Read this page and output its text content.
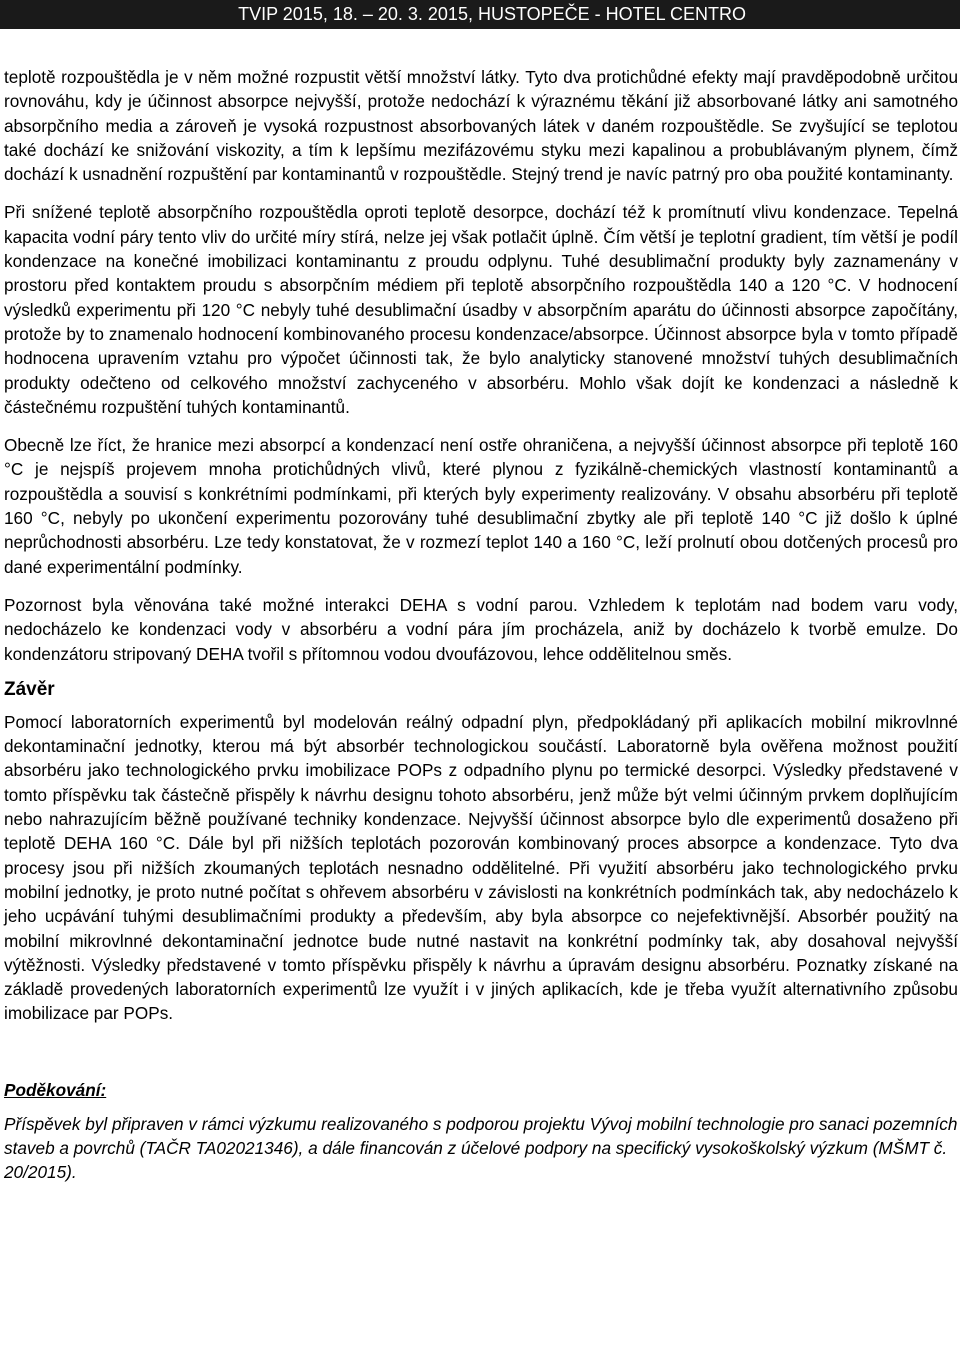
TVIP 2015, 18. – 20. 3. 2015, HUSTOPEČE - HOTEL CENTRO

teplotě rozpouštědla je v něm možné rozpustit větší množství látky. Tyto dva protichůdné efekty mají pravděpodobně určitou rovnováhu, kdy je účinnost absorpce nejvyšší, protože nedochází k výraznému těkání již absorbované látky ani samotného absorpčního media a zároveň je vysoká rozpustnost absorbovaných látek v daném rozpouštědle. Se zvyšující se teplotou také dochází ke snižování viskozity, a tím k lepšímu mezifázovému styku mezi kapalinou a probublávaným plynem, čímž dochází k usnadnění rozpuštění par kontaminantů v rozpouštědle. Stejný trend je navíc patrný pro oba použité kontaminanty.

Při snížené teplotě absorpčního rozpouštědla oproti teplotě desorpce, dochází též k promítnutí vlivu kondenzace. Tepelná kapacita vodní páry tento vliv do určité míry stírá, nelze jej však potlačit úplně. Čím větší je teplotní gradient, tím větší je podíl kondenzace na konečné imobilizaci kontaminantu z proudu odplynu. Tuhé desublimační produkty byly zaznamenány v prostoru před kontaktem proudu s absorpčním médiem při teplotě absorpčního rozpouštědla 140 a 120 °C. V hodnocení výsledků experimentu při 120 °C nebyly tuhé desublimační úsadby v absorpčním aparátu do účinnosti absorpce započítány, protože by to znamenalo hodnocení kombinovaného procesu kondenzace/absorpce. Účinnost absorpce byla v tomto případě hodnocena upravením vztahu pro výpočet účinnosti tak, že bylo analyticky stanovené množství tuhých desublimačních produkty odečteno od celkového množství zachyceného v absorbéru. Mohlo však dojít ke kondenzaci a následně k částečnému rozpuštění tuhých kontaminantů.

Obecně lze říct, že hranice mezi absorpcí a kondenzací není ostře ohraničena, a nejvyšší účinnost absorpce při teplotě 160 °C je nejspíš projevem mnoha protichůdných vlivů, které plynou z fyzikálně-chemických vlastností kontaminantů a rozpouštědla a souvisí s konkrétními podmínkami, při kterých byly experimenty realizovány. V obsahu absorbéru při teplotě 160 °C, nebyly po ukončení experimentu pozorovány tuhé desublimační zbytky ale při teplotě 140 °C již došlo k úplné neprůchodnosti absorbéru. Lze tedy konstatovat, že v rozmezí teplot 140 a 160 °C, leží prolnutí obou dotčených procesů pro dané experimentální podmínky.

Pozornost byla věnována také možné interakci DEHA s vodní parou. Vzhledem k teplotám nad bodem varu vody, nedocházelo ke kondenzaci vody v absorbéru a vodní pára jím procházela, aniž by docházelo k tvorbě emulze. Do kondenzátoru stripovaný DEHA tvořil s přítomnou vodou dvoufázovou, lehce oddělitelnou směs.

Závěr

Pomocí laboratorních experimentů byl modelován reálný odpadní plyn, předpokládaný při aplikacích mobilní mikrovlnné dekontaminační jednotky, kterou má být absorbér technologickou součástí. Laboratorně byla ověřena možnost použití absorbéru jako technologického prvku imobilizace POPs z odpadního plynu po termické desorpci. Výsledky představené v tomto příspěvku tak částečně přispěly k návrhu designu tohoto absorbéru, jenž může být velmi účinným prvkem doplňujícím nebo nahrazujícím běžně používané techniky kondenzace. Nejvyšší účinnost absorpce bylo dle experimentů dosaženo při teplotě DEHA 160 °C. Dále byl při nižších teplotách pozorován kombinovaný proces absorpce a kondenzace. Tyto dva procesy jsou při nižších zkoumaných teplotách nesnadno oddělitelné. Při využití absorbéru jako technologického prvku mobilní jednotky, je proto nutné počítat s ohřevem absorbéru v závislosti na konkrétních podmínkách tak, aby nedocházelo k jeho ucpávání tuhými desublimačními produkty a především, aby byla absorpce co nejefektivnější. Absorbér použitý na mobilní mikrovlnné dekontaminační jednotce bude nutné nastavit na konkrétní podmínky tak, aby dosahoval nejvyšší výtěžnosti. Výsledky představené v tomto příspěvku přispěly k návrhu a úpravám designu absorbéru. Poznatky získané na základě provedených laboratorních experimentů lze využít i v jiných aplikacích, kde je třeba využít alternativního způsobu imobilizace par POPs.

Poděkování:

Příspěvek byl připraven v rámci výzkumu realizovaného s podporou projektu Vývoj mobilní technologie pro sanaci pozemních staveb a povrchů (TAČR TA02021346), a dále financován z účelové podpory na specifický vysokoškolský výzkum (MŠMT č. 20/2015).
